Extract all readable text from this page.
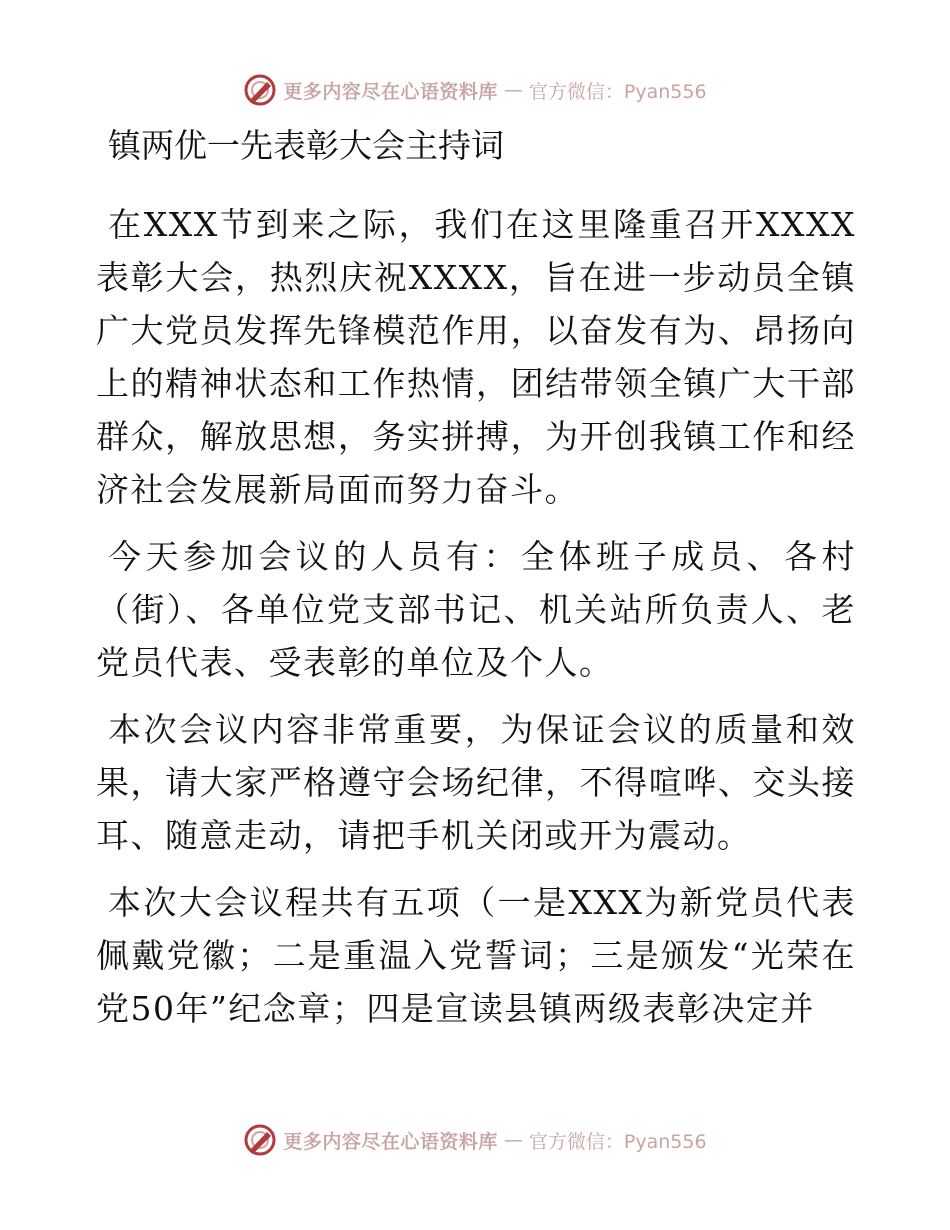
更多内容尽在心语资料库 — 官方微信：Pyan556
镇两优一先表彰大会主持词

在XXX节到来之际，我们在这里隆重召开XXXX表彰大会，热烈庆祝XXXX，旨在进一步动员全镇广大党员发挥先锋模范作用，以奋发有为、昂扬向上的精神状态和工作热情，团结带领全镇广大干部群众，解放思想，务实拼搏，为开创我镇工作和经济社会发展新局面而努力奋斗。

今天参加会议的人员有：全体班子成员、各村（街）、各单位党支部书记、机关站所负责人、老党员代表、受表彰的单位及个人。

本次会议内容非常重要，为保证会议的质量和效果，请大家严格遵守会场纪律，不得喧哗、交头接耳、随意走动，请把手机关闭或开为震动。

本次大会议程共有五项（一是XXX为新党员代表佩戴党徽；二是重温入党誓词；三是颁发“光荣在党50年”纪念章；四是宣读县镇两级表彰决定并

更多内容尽在心语资料库 — 官方微信：Pyan556
